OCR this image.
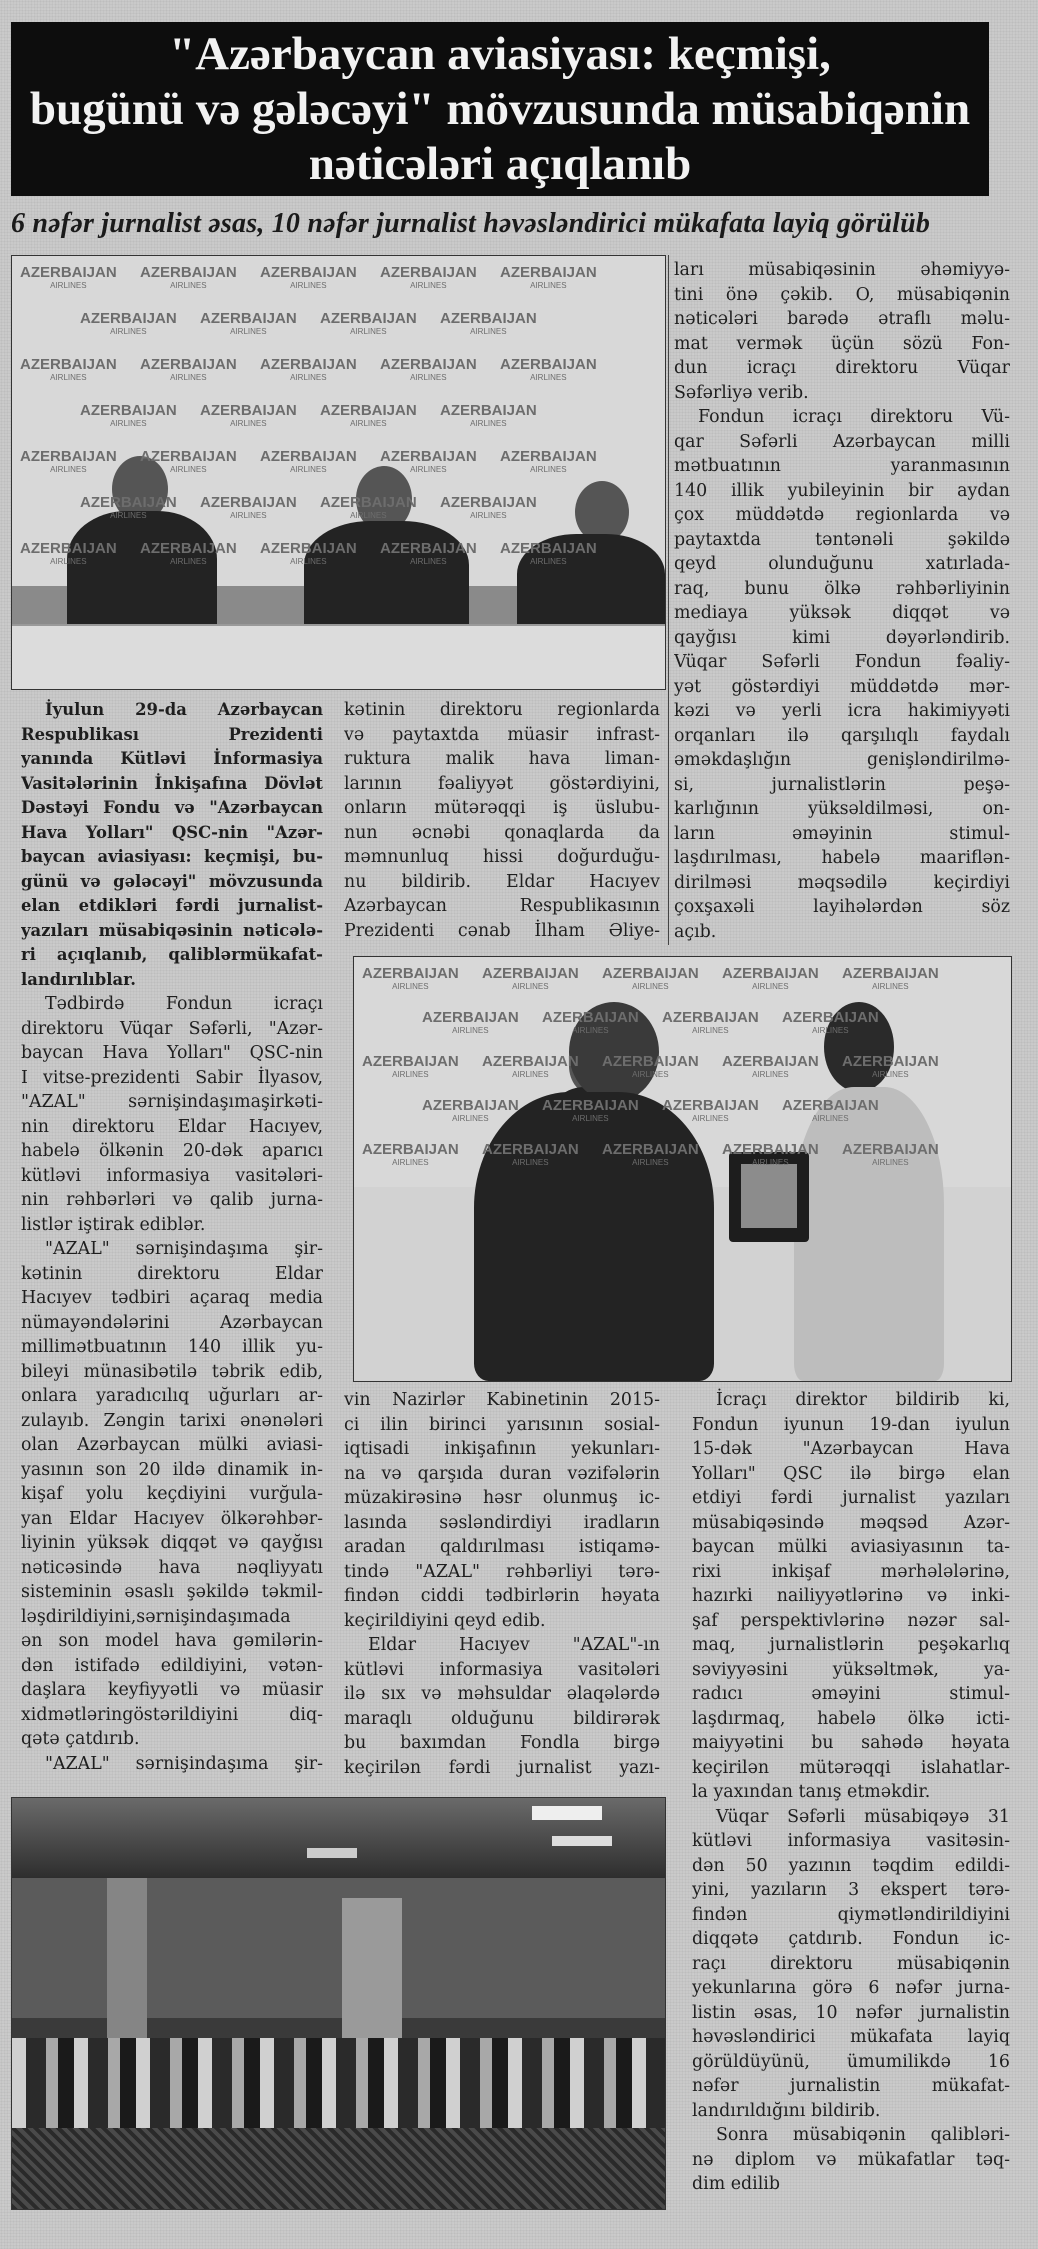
"Azərbaycan aviasiyası: keçmişi,
bugünü və gələcəyi" mövzusunda müsabiqənin
nəticələri açıqlanıb
6 nəfər jurnalist əsas, 10 nəfər jurnalist həvəsləndirici mükafata layiq görülüb
AZERBAIJAN
AIRLINES
AZERBAIJAN
AIRLINES
AZERBAIJAN
AIRLINES
AZERBAIJAN
AIRLINES
AZERBAIJAN
AIRLINES
AZERBAIJAN
AIRLINES
AZERBAIJAN
AIRLINES
AZERBAIJAN
AIRLINES
AZERBAIJAN
AIRLINES
AZERBAIJAN
AIRLINES
AZERBAIJAN
AIRLINES
AZERBAIJAN
AIRLINES
AZERBAIJAN
AIRLINES
AZERBAIJAN
AIRLINES
AZERBAIJAN
AIRLINES
AZERBAIJAN
AIRLINES
AZERBAIJAN
AIRLINES
AZERBAIJAN
AIRLINES
AZERBAIJAN
AIRLINES
AZERBAIJAN
AIRLINES
AZERBAIJAN
AIRLINES
AZERBAIJAN
AIRLINES
AZERBAIJAN
AIRLINES
AZERBAIJAN
AIRLINES
AZERBAIJAN
AIRLINES
AZERBAIJAN
AIRLINES
AZERBAIJAN
AIRLINES
AZERBAIJAN
AIRLINES
AZERBAIJAN
AIRLINES
AZERBAIJAN
AIRLINES
AZERBAIJAN
AIRLINES
AZERBAIJAN
AIRLINES
ları müsabiqəsinin əhəmiyyə-
tini önə çəkib. O, müsabiqənin
nəticələri barədə ətraflı məlu-
mat vermək üçün sözü Fon-
dun icraçı direktoru Vüqar
Səfərliyə verib.
Fondun icraçı direktoru Vü-
qar Səfərli Azərbaycan milli
mətbuatının yaranmasının
140 illik yubileyinin bir aydan
çox müddətdə regionlarda və
paytaxtda təntənəli şəkildə
qeyd olunduğunu xatırlada-
raq, bunu ölkə rəhbərliyinin
mediaya yüksək diqqət və
qayğısı kimi dəyərləndirib.
Vüqar Səfərli Fondun fəaliy-
yət göstərdiyi müddətdə mər-
kəzi və yerli icra hakimiyyəti
orqanları ilə qarşılıqlı faydalı
əməkdaşlığın genişləndirilmə-
si, jurnalistlərin peşə-
karlığının yüksəldilməsi, on-
ların əməyinin stimul-
laşdırılması, habelə maariflən-
dirilməsi məqsədilə keçirdiyi
çoxşaxəli layihələrdən söz
açıb.
İyulun 29-da Azərbaycan
Respublikası Prezidenti
yanında Kütləvi İnformasiya
Vasitələrinin İnkişafına Dövlət
Dəstəyi Fondu və "Azərbaycan
Hava Yolları" QSC-nin "Azər-
baycan aviasiyası: keçmişi, bu-
günü və gələcəyi" mövzusunda
elan etdikləri fərdi jurnalist-
yazıları müsabiqəsinin nəticələ-
ri açıqlanıb, qaliblərmükafat-
landırılıblar.
Tədbirdə Fondun icraçı
direktoru Vüqar Səfərli, "Azər-
baycan Hava Yolları" QSC-nin
I vitse-prezidenti Sabir İlyasov,
"AZAL" sərnişindaşımaşirkəti-
nin direktoru Eldar Hacıyev,
habelə ölkənin 20-dək aparıcı
kütləvi informasiya vasitələri-
nin rəhbərləri və qalib jurna-
listlər iştirak ediblər.
"AZAL" sərnişindaşıma şir-
kətinin direktoru Eldar
Hacıyev tədbiri açaraq media
nümayəndələrini Azərbaycan
millimətbuatının 140 illik yu-
bileyi münasibətilə təbrik edib,
onlara yaradıcılıq uğurları ar-
zulayıb. Zəngin tarixi ənənələri
olan Azərbaycan mülki aviasi-
yasının son 20 ildə dinamik in-
kişaf yolu keçdiyini vurğula-
yan Eldar Hacıyev ölkərəhbər-
liyinin yüksək diqqət və qayğısı
nəticəsində hava nəqliyyatı
sisteminin əsaslı şəkildə təkmil-
ləşdirildiyini,sərnişindaşımada
ən son model hava gəmilərin-
dən istifadə edildiyini, vətən-
daşlara keyfiyyətli və müasir
xidmətləringöstərildiyini diq-
qətə çatdırıb.
"AZAL" sərnişindaşıma şir-
kətinin direktoru regionlarda
və paytaxtda müasir infrast-
ruktura malik hava liman-
larının fəaliyyət göstərdiyini,
onların mütərəqqi iş üslubu-
nun əcnəbi qonaqlarda da
məmnunluq hissi doğurduğu-
nu bildirib. Eldar Hacıyev
Azərbaycan Respublikasının
Prezidenti cənab İlham Əliye-
AZERBAIJAN
AIRLINES
AZERBAIJAN
AIRLINES
AZERBAIJAN
AIRLINES
AZERBAIJAN
AIRLINES
AZERBAIJAN
AIRLINES
AZERBAIJAN
AIRLINES
AZERBAIJAN
AIRLINES
AZERBAIJAN
AIRLINES
AZERBAIJAN
AIRLINES
AZERBAIJAN
AIRLINES
AZERBAIJAN
AIRLINES
AZERBAIJAN
AIRLINES
AZERBAIJAN
AIRLINES
AZERBAIJAN
AIRLINES
AZERBAIJAN
AIRLINES
AZERBAIJAN
AIRLINES
AZERBAIJAN
AIRLINES
AZERBAIJAN
AIRLINES
AZERBAIJAN
AIRLINES
AZERBAIJAN
AIRLINES
AZERBAIJAN
AIRLINES
AZERBAIJAN
AIRLINES
AZERBAIJAN
AIRLINES
vin Nazirlər Kabinetinin 2015-
ci ilin birinci yarısının sosial-
iqtisadi inkişafının yekunları-
na və qarşıda duran vəzifələrin
müzakirəsinə həsr olunmuş ic-
lasında səsləndirdiyi iradların
aradan qaldırılması istiqamə-
tində "AZAL" rəhbərliyi tərə-
findən ciddi tədbirlərin həyata
keçirildiyini qeyd edib.
Eldar Hacıyev "AZAL"-ın
kütləvi informasiya vasitələri
ilə sıx və məhsuldar əlaqələrdə
maraqlı olduğunu bildirərək
bu baxımdan Fondla birgə
keçirilən fərdi jurnalist yazı-
İcraçı direktor bildirib ki,
Fondun iyunun 19-dan iyulun
15-dək "Azərbaycan Hava
Yolları" QSC ilə birgə elan
etdiyi fərdi jurnalist yazıları
müsabiqəsində məqsəd Azər-
baycan mülki aviasiyasının ta-
rixi inkişaf mərhələlərinə,
hazırki nailiyyətlərinə və inki-
şaf perspektivlərinə nəzər sal-
maq, jurnalistlərin peşəkarlıq
səviyyəsini yüksəltmək, ya-
radıcı əməyini stimul-
laşdırmaq, habelə ölkə icti-
maiyyətini bu sahədə həyata
keçirilən mütərəqqi islahatlar-
la yaxından tanış etməkdir.
Vüqar Səfərli müsabiqəyə 31
kütləvi informasiya vasitəsin-
dən 50 yazının təqdim edildi-
yini, yazıların 3 ekspert tərə-
findən qiymətləndirildiyini
diqqətə çatdırıb. Fondun ic-
raçı direktoru müsabiqənin
yekunlarına görə 6 nəfər jurna-
listin əsas, 10 nəfər jurnalistin
həvəsləndirici mükafata layiq
görüldüyünü, ümumilikdə 16
nəfər jurnalistin mükafat-
landırıldığını bildirib.
Sonra müsabiqənin qalibləri-
nə diplom və mükafatlar təq-
dim edilib
